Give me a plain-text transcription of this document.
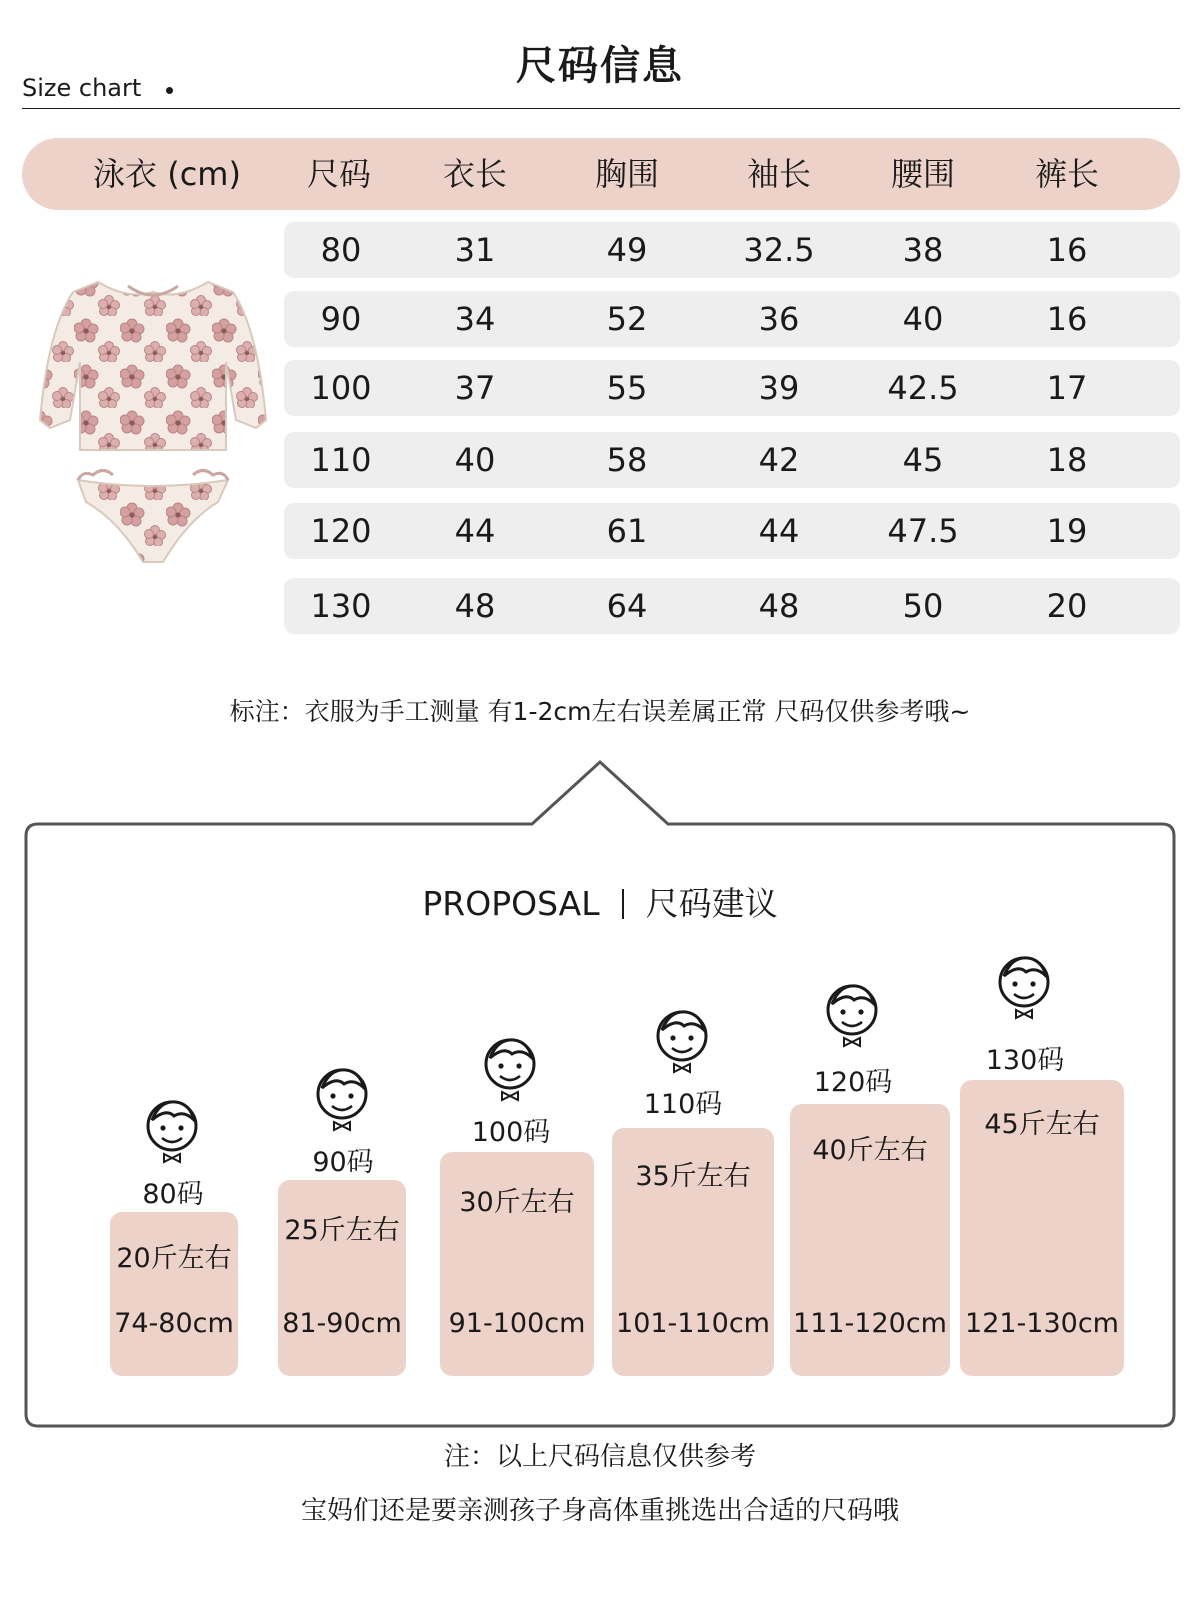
尺码信息
Size chart
泳衣 (cm)	尺码	衣长	胸围	袖长	腰围	裤长
80	31	49	32.5	38	16
90	34	52	36	40	16
100	37	55	39	42.5	17
110	40	58	42	45	18
120	44	61	44	47.5	19
130	48	64	48	50	20
标注：衣服为手工测量 有1-2cm左右误差属正常 尺码仅供参考哦~
PROPOSAL 尺码建议
80码
20斤左右
74-80cm
90码
25斤左右
81-90cm
100码
30斤左右
91-100cm
110码
35斤左右
101-110cm
120码
40斤左右
111-120cm
130码
45斤左右
121-130cm
注：以上尺码信息仅供参考
宝妈们还是要亲测孩子身高体重挑选出合适的尺码哦
